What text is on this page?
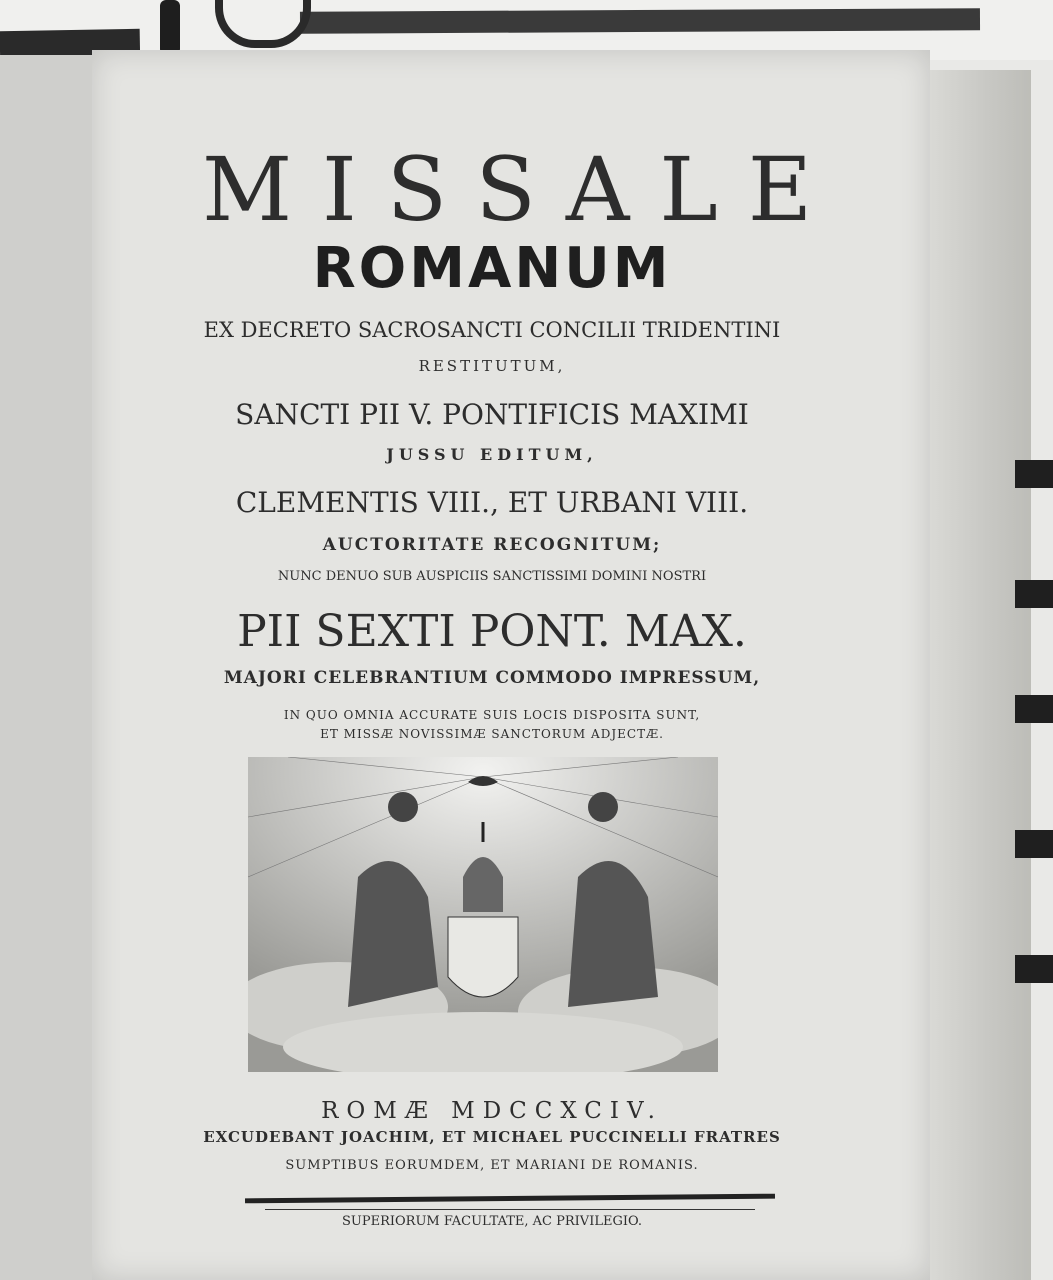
MISSALE
ROMANUM
EX DECRETO SACROSANCTI CONCILII TRIDENTINI
RESTITUTUM,
SANCTI PII V. PONTIFICIS MAXIMI
JUSSU EDITUM,
CLEMENTIS VIII., ET URBANI VIII.
AUCTORITATE RECOGNITUM;
NUNC DENUO SUB AUSPICIIS SANCTISSIMI DOMINI NOSTRI
PII SEXTI PONT. MAX.
MAJORI CELEBRANTIUM COMMODO IMPRESSUM,
IN QUO OMNIA ACCURATE SUIS LOCIS DISPOSITA SUNT,
ET MISSÆ NOVISSIMÆ SANCTORUM ADJECTÆ.
ROMÆ MDCCXCIV.
EXCUDEBANT JOACHIM, ET MICHAEL PUCCINELLI FRATRES
SUMPTIBUS EORUMDEM, ET MARIANI DE ROMANIS.
SUPERIORUM FACULTATE, AC PRIVILEGIO.
